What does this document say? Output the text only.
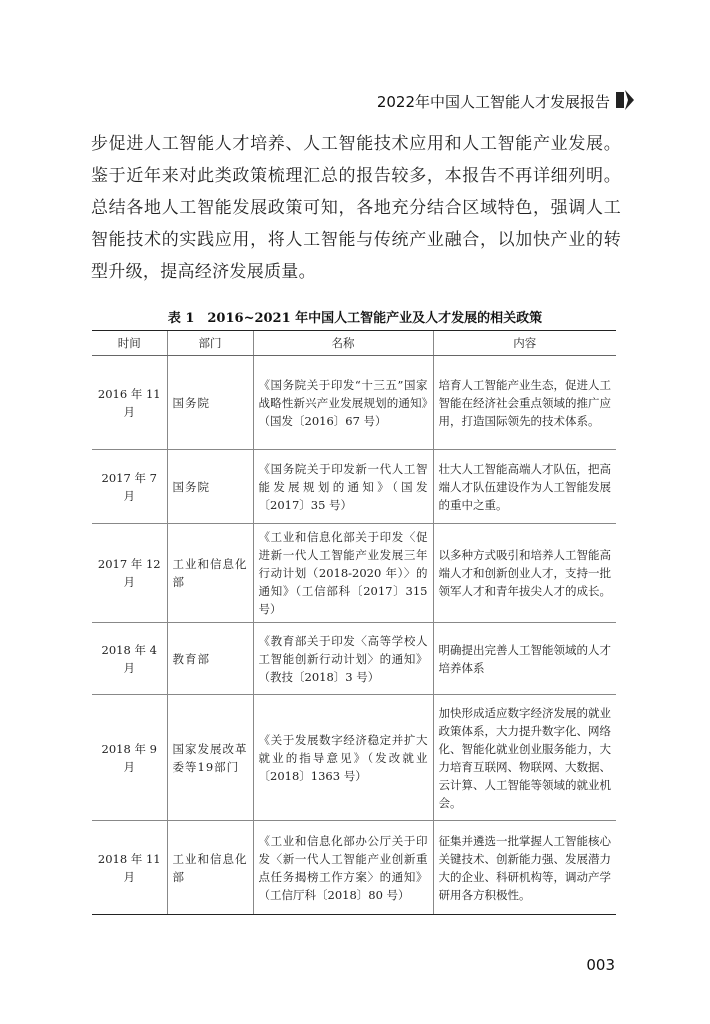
2022年中国人工智能人才发展报告

步促进人工智能人才培养、人工智能技术应用和人工智能产业发展。鉴于近年来对此类政策梳理汇总的报告较多，本报告不再详细列明。总结各地人工智能发展政策可知，各地充分结合区域特色，强调人工智能技术的实践应用，将人工智能与传统产业融合，以加快产业的转型升级，提高经济发展质量。

表 1　2016~2021 年中国人工智能产业及人才发展的相关政策
时间	部门	名称	内容
2016 年 11 月	国务院	《国务院关于印发“十三五”国家战略性新兴产业发展规划的通知》（国发〔2016〕67 号）	培育人工智能产业生态，促进人工智能在经济社会重点领域的推广应用，打造国际领先的技术体系。
2017 年 7 月	国务院	《国务院关于印发新一代人工智能发展规划的通知》（国发〔2017〕35 号）	壮大人工智能高端人才队伍，把高端人才队伍建设作为人工智能发展的重中之重。
2017 年 12 月	工业和信息化部	《工业和信息化部关于印发〈促进新一代人工智能产业发展三年行动计划（2018-2020 年）〉的通知》（工信部科〔2017〕315 号）	以多种方式吸引和培养人工智能高端人才和创新创业人才，支持一批领军人才和青年拔尖人才的成长。
2018 年 4 月	教育部	《教育部关于印发〈高等学校人工智能创新行动计划〉的通知》（教技〔2018〕3 号）	明确提出完善人工智能领域的人才培养体系
2018 年 9 月	国家发展改革委等19部门	《关于发展数字经济稳定并扩大就业的指导意见》（发改就业〔2018〕1363 号）	加快形成适应数字经济发展的就业政策体系，大力提升数字化、网络化、智能化就业创业服务能力，大力培育互联网、物联网、大数据、云计算、人工智能等领域的就业机会。
2018 年 11 月	工业和信息化部	《工业和信息化部办公厅关于印发〈新一代人工智能产业创新重点任务揭榜工作方案〉的通知》（工信厅科〔2018〕80 号）	征集并遴选一批掌握人工智能核心关键技术、创新能力强、发展潜力大的企业、科研机构等，调动产学研用各方积极性。
003
